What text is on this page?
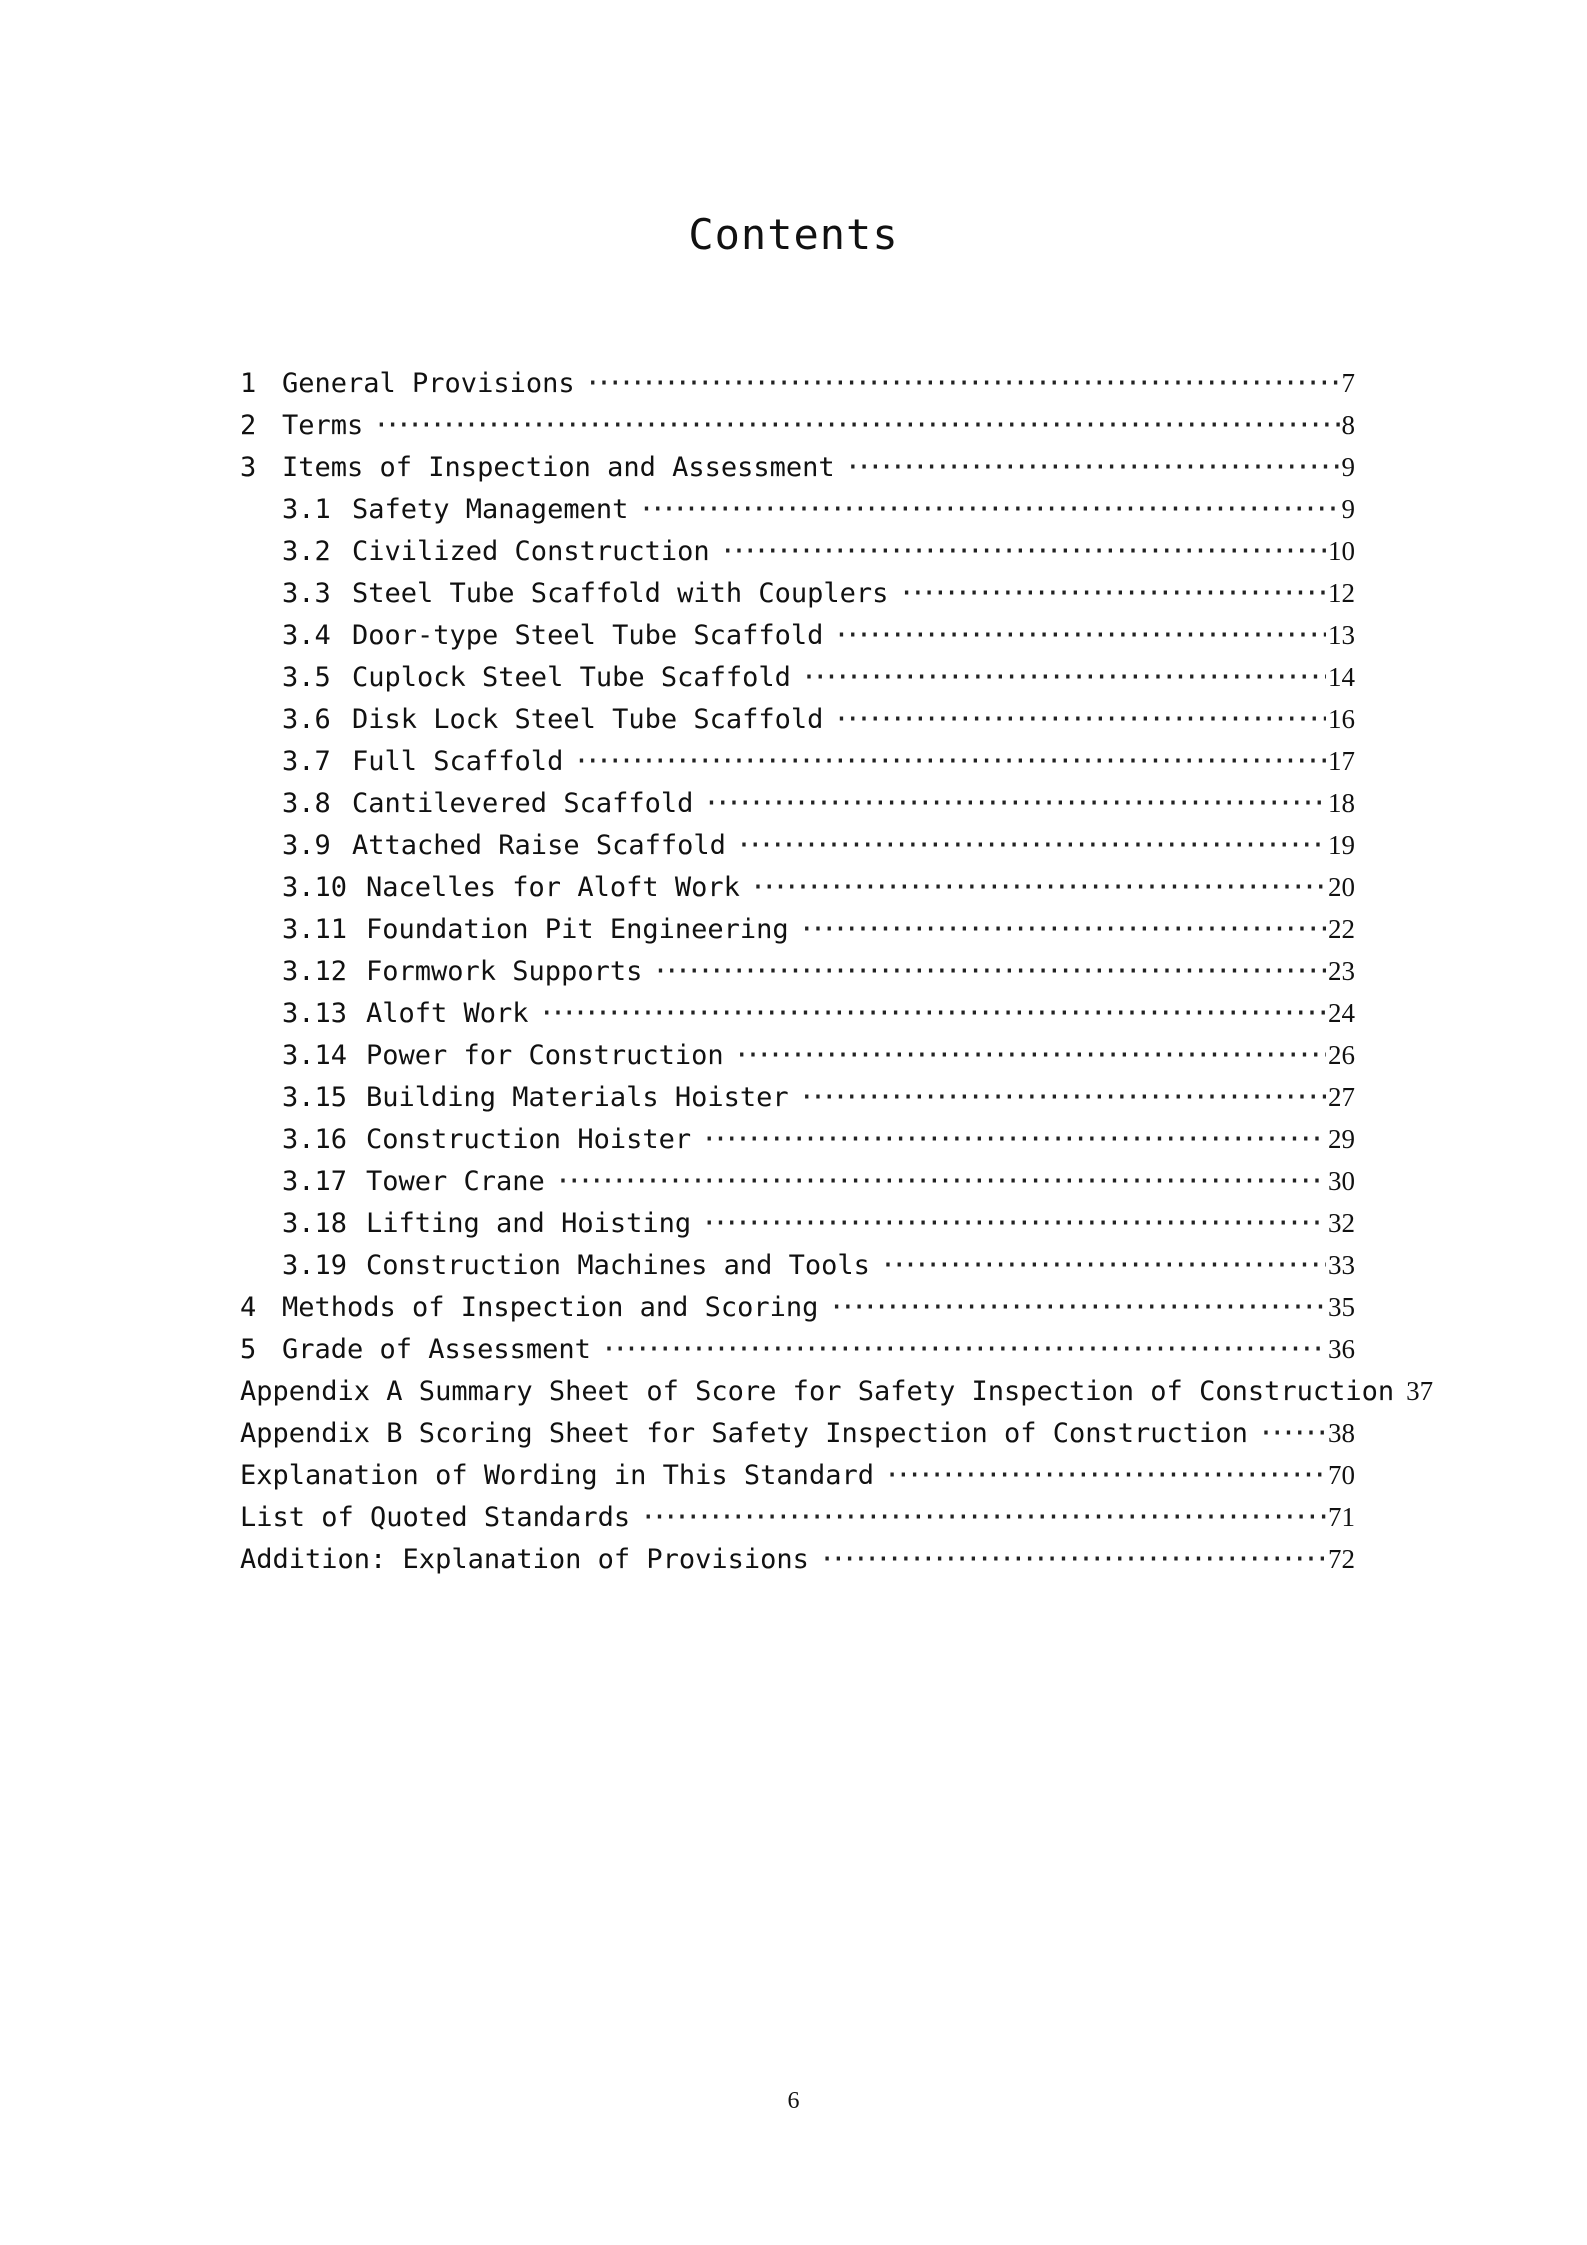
Contents
1 General Provisions ·····	7
2 Terms ·····	8
3 Items of Inspection and Assessment ·····	9
3.1 Safety Management ·····	9
3.2 Civilized Construction ·····	10
3.3 Steel Tube Scaffold with Couplers ·····	12
3.4 Door-type Steel Tube Scaffold ·····	13
3.5 Cuplock Steel Tube Scaffold ·····	14
3.6 Disk Lock Steel Tube Scaffold ·····	16
3.7 Full Scaffold ·····	17
3.8 Cantilevered Scaffold ·····	18
3.9 Attached Raise Scaffold ·····	19
3.10 Nacelles for Aloft Work ·····	20
3.11 Foundation Pit Engineering ·····	22
3.12 Formwork Supports ·····	23
3.13 Aloft Work ·····	24
3.14 Power for Construction ·····	26
3.15 Building Materials Hoister ·····	27
3.16 Construction Hoister ·····	29
3.17 Tower Crane ·····	30
3.18 Lifting and Hoisting ·····	32
3.19 Construction Machines and Tools ·····	33
4 Methods of Inspection and Scoring ·····	35
5 Grade of Assessment ·····	36
Appendix A Summary Sheet of Score for Safety Inspection of Construction 37
Appendix B Scoring Sheet for Safety Inspection of Construction ·····	38
Explanation of Wording in This Standard ·····	70
List of Quoted Standards ·····	71
Addition: Explanation of Provisions ·····	72
6
